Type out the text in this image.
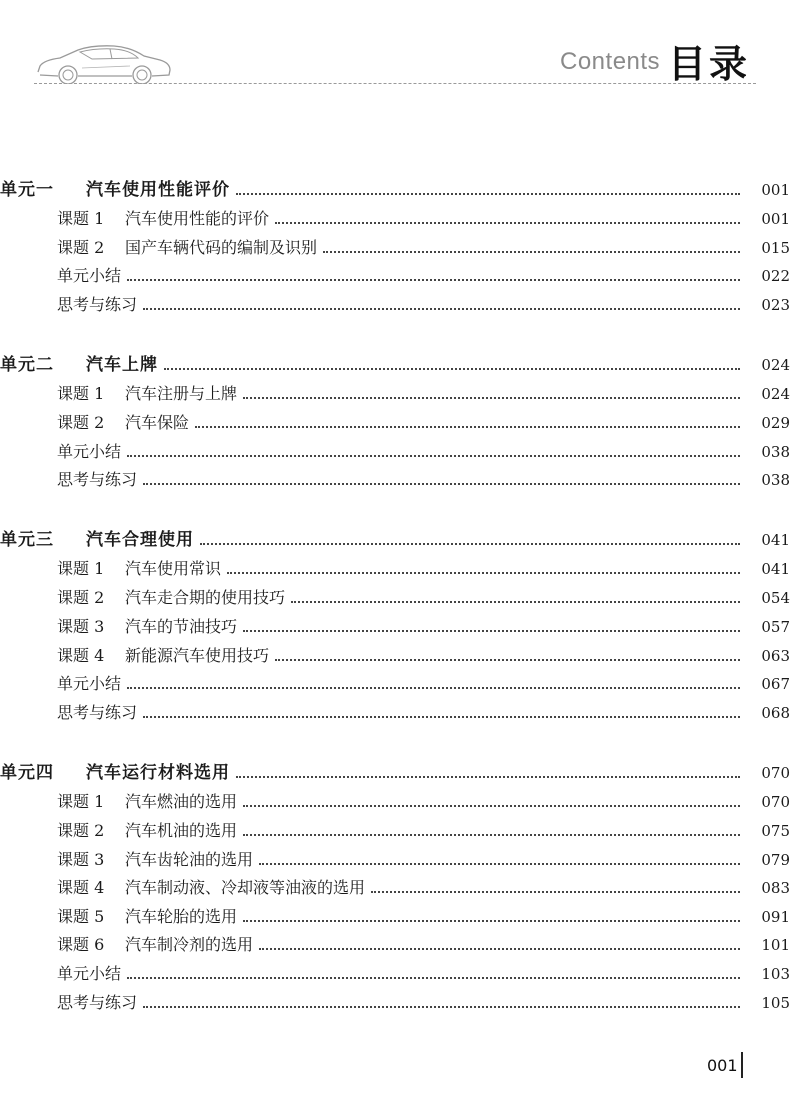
Contents 目录
单元一	汽车使用性能评价	001
课题 1	汽车使用性能的评价	001
课题 2	国产车辆代码的编制及识别	015
单元小结	022
思考与练习	023
单元二	汽车上牌	024
课题 1	汽车注册与上牌	024
课题 2	汽车保险	029
单元小结	038
思考与练习	038
单元三	汽车合理使用	041
课题 1	汽车使用常识	041
课题 2	汽车走合期的使用技巧	054
课题 3	汽车的节油技巧	057
课题 4	新能源汽车使用技巧	063
单元小结	067
思考与练习	068
单元四	汽车运行材料选用	070
课题 1	汽车燃油的选用	070
课题 2	汽车机油的选用	075
课题 3	汽车齿轮油的选用	079
课题 4	汽车制动液、冷却液等油液的选用	083
课题 5	汽车轮胎的选用	091
课题 6	汽车制冷剂的选用	101
单元小结	103
思考与练习	105
001
